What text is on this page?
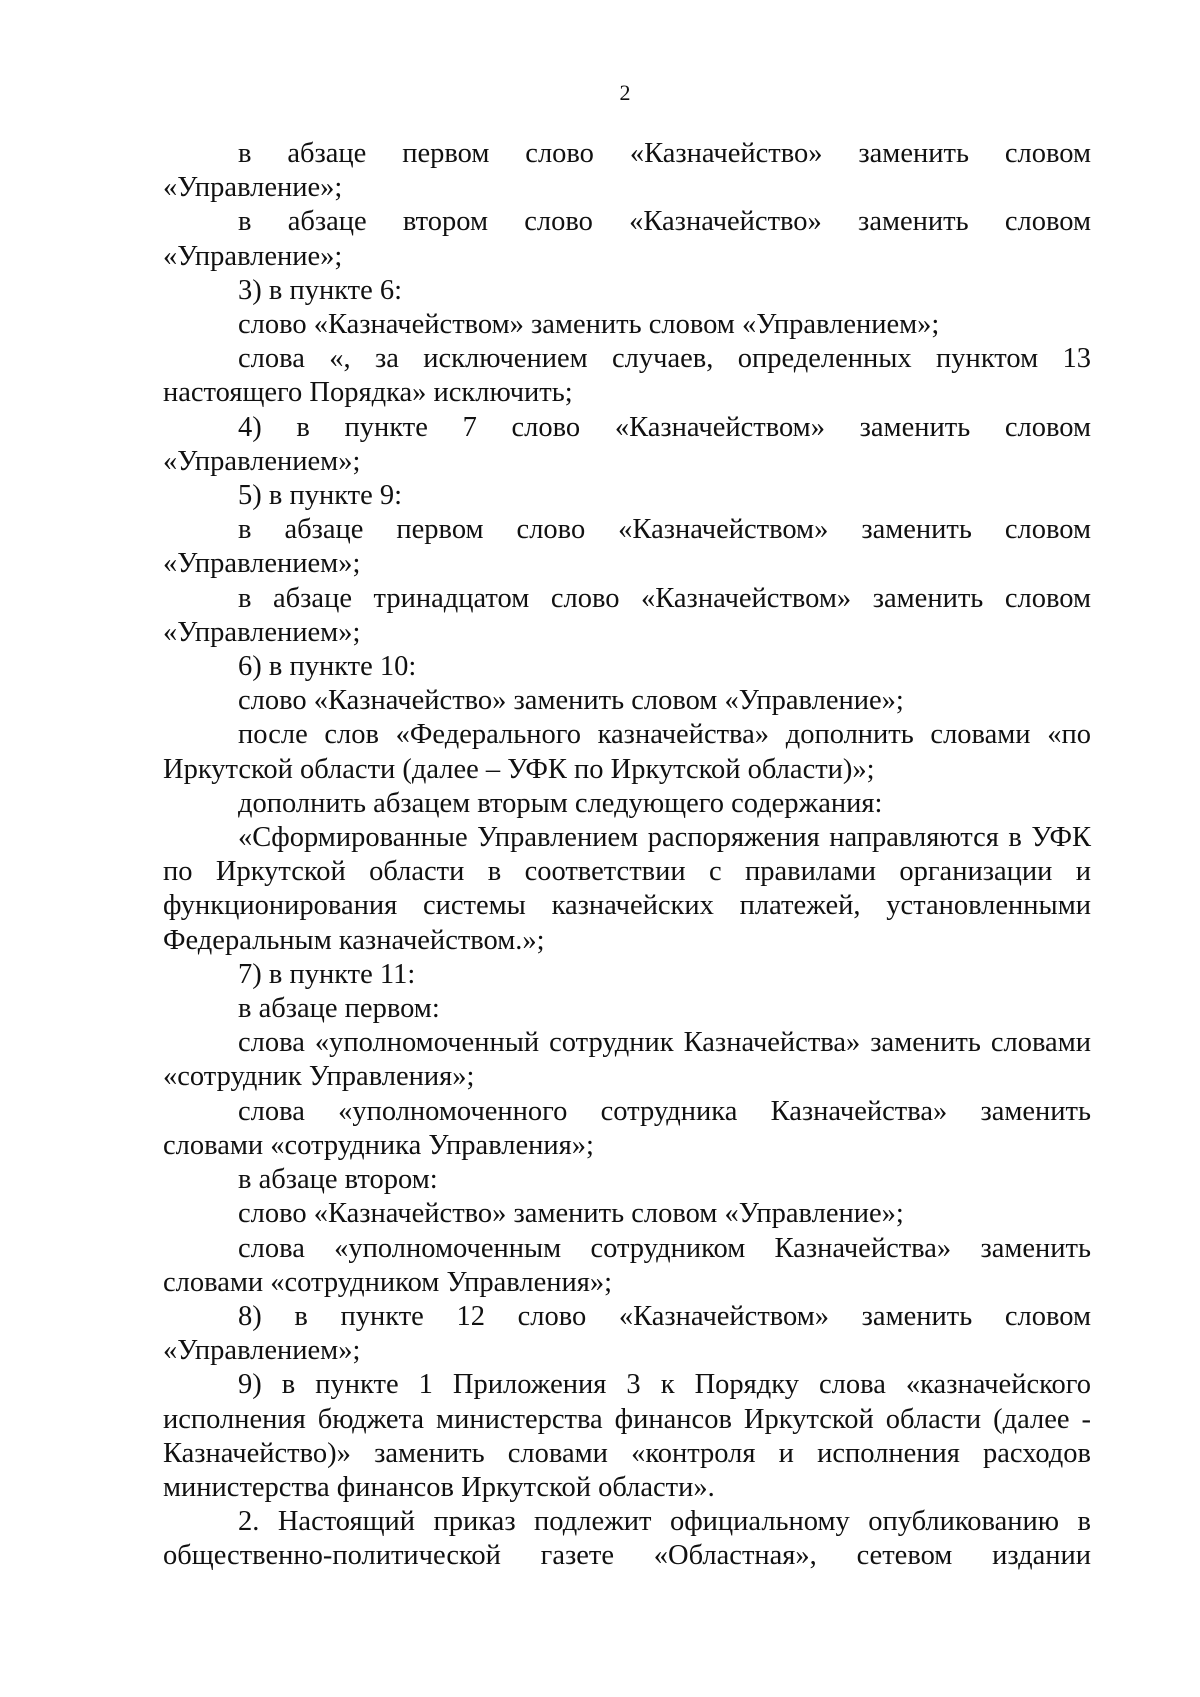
2

в абзаце первом слово «Казначейство» заменить словом «Управление»;

в абзаце втором слово «Казначейство» заменить словом «Управление»;

3) в пункте 6:

слово «Казначейством» заменить словом «Управлением»;

слова «, за исключением случаев, определенных пунктом 13 настоящего Порядка» исключить;

4) в пункте 7 слово «Казначейством» заменить словом «Управлением»;

5) в пункте 9:

в абзаце первом слово «Казначейством» заменить словом «Управлением»;

в абзаце тринадцатом слово «Казначейством» заменить словом «Управлением»;

6) в пункте 10:

слово «Казначейство» заменить словом «Управление»;

после слов «Федерального казначейства» дополнить словами «по Иркутской области (далее – УФК по Иркутской области)»;

дополнить абзацем вторым следующего содержания:

«Сформированные Управлением распоряжения направляются в УФК по Иркутской области в соответствии с правилами организации и функционирования системы казначейских платежей, установленными Федеральным казначейством.»;

7) в пункте 11:

в абзаце первом:

слова «уполномоченный сотрудник Казначейства» заменить словами «сотрудник Управления»;

слова «уполномоченного сотрудника Казначейства» заменить словами «сотрудника Управления»;

в абзаце втором:

слово «Казначейство» заменить словом «Управление»;

слова «уполномоченным сотрудником Казначейства» заменить словами «сотрудником Управления»;

8) в пункте 12 слово «Казначейством» заменить словом «Управлением»;

9) в пункте 1 Приложения 3 к Порядку слова «казначейского исполнения бюджета министерства финансов Иркутской области (далее - Казначейство)» заменить словами «контроля и исполнения расходов министерства финансов Иркутской области».

2. Настоящий приказ подлежит официальному опубликованию в общественно-политической газете «Областная», сетевом издании
